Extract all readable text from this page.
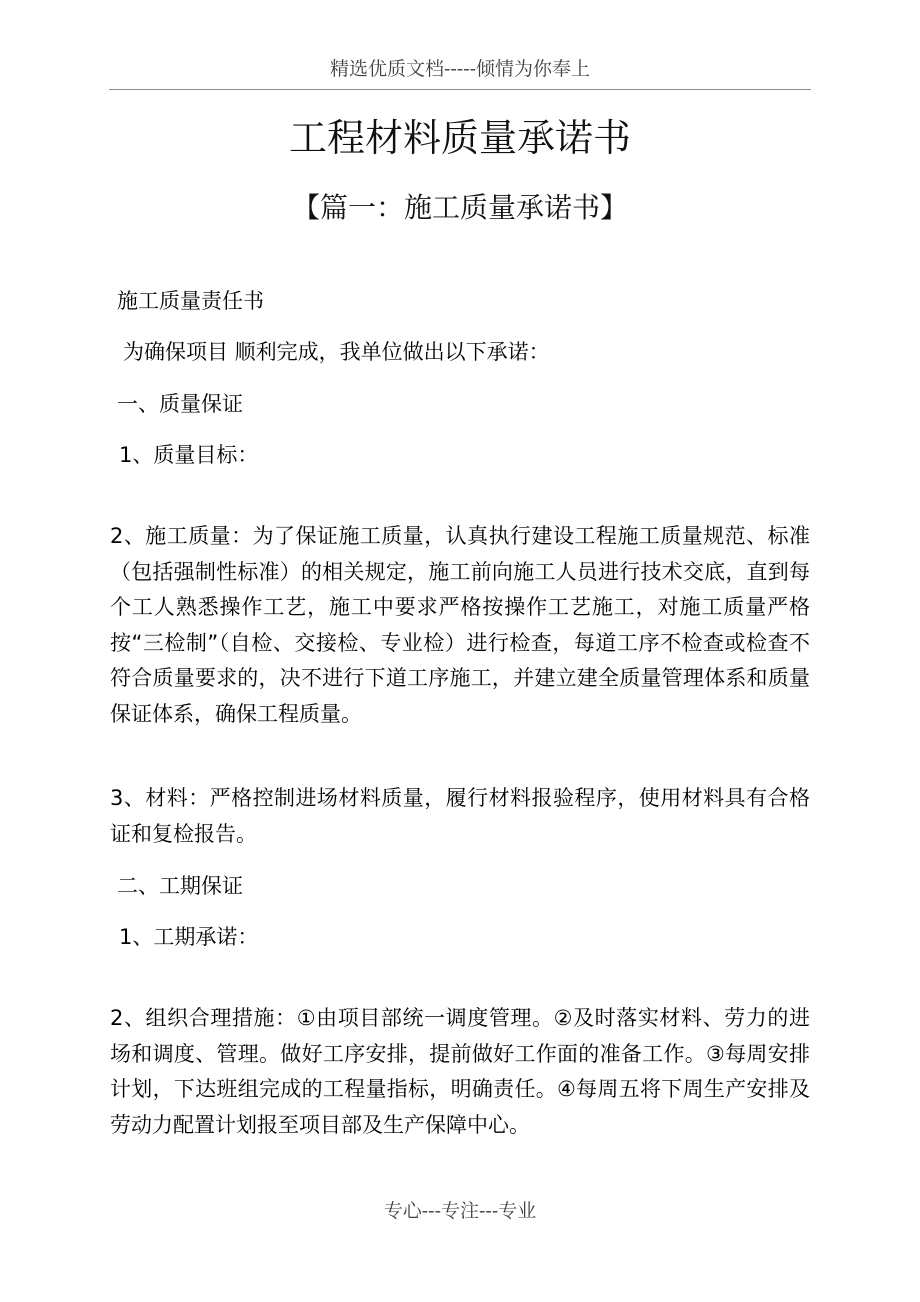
精选优质文档-----倾情为你奉上
工程材料质量承诺书
【篇一：施工质量承诺书】
施工质量责任书
为确保项目 顺利完成，我单位做出以下承诺：
一、质量保证
1、质量目标：
2、施工质量：为了保证施工质量，认真执行建设工程施工质量规范、标准（包括强制性标准）的相关规定，施工前向施工人员进行技术交底，直到每个工人熟悉操作工艺，施工中要求严格按操作工艺施工，对施工质量严格按“三检制”（自检、交接检、专业检）进行检查，每道工序不检查或检查不符合质量要求的，决不进行下道工序施工，并建立建全质量管理体系和质量保证体系，确保工程质量。
3、材料：严格控制进场材料质量，履行材料报验程序，使用材料具有合格证和复检报告。
二、工期保证
1、工期承诺：
2、组织合理措施：①由项目部统一调度管理。②及时落实材料、劳力的进场和调度、管理。做好工序安排，提前做好工作面的准备工作。③每周安排计划，下达班组完成的工程量指标，明确责任。④每周五将下周生产安排及劳动力配置计划报至项目部及生产保障中心。
专心---专注---专业
